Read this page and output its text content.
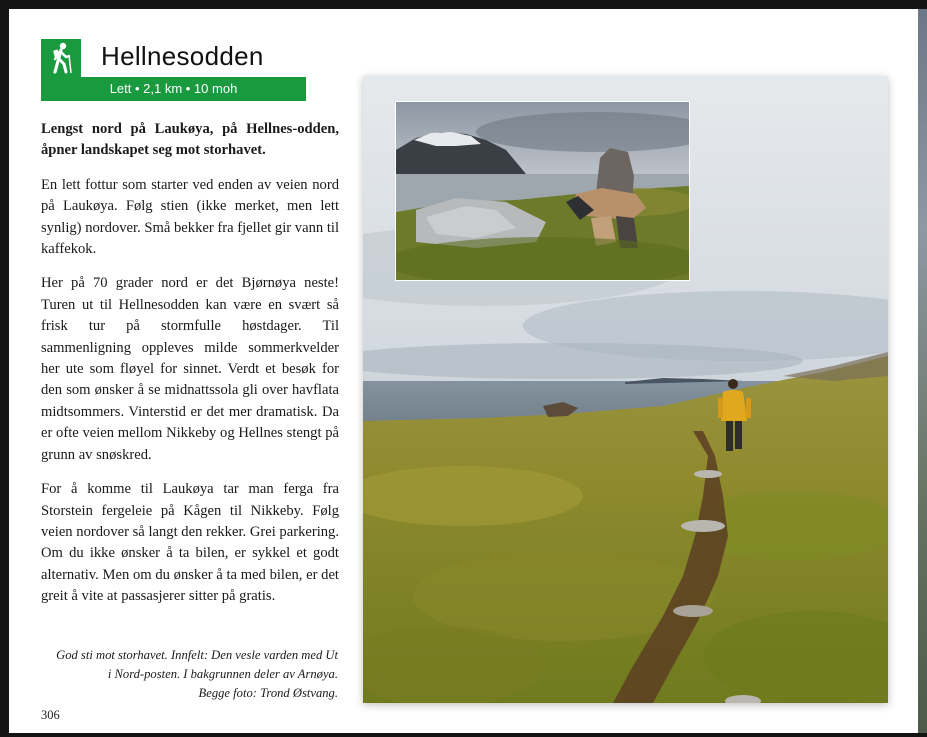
Hellnesodden
Lett • 2,1 km • 10 moh

Lengst nord på Laukøya, på Hellnes-odden, åpner landskapet seg mot storhavet.

En lett fottur som starter ved enden av veien nord på Laukøya. Følg stien (ikke merket, men lett synlig) nordover. Små bekker fra fjellet gir vann til kaffekok.

Her på 70 grader nord er det Bjørnøya neste! Turen ut til Hellnesodden kan være en svært så frisk tur på stormfulle høstdager. Til sammenligning oppleves milde sommerkvelder her ute som fløyel for sinnet. Verdt et besøk for den som ønsker å se midnattssola gli over havflata midtsommers. Vinterstid er det mer dramatisk. Da er ofte veien mellom Nikkeby og Hellnes stengt på grunn av snøskred.

For å komme til Laukøya tar man ferga fra Storstein fergeleie på Kågen til Nikkeby. Følg veien nordover så langt den rekker. Grei parkering. Om du ikke ønsker å ta bilen, er sykkel et godt alternativ. Men om du ønsker å ta med bilen, er det greit å vite at passasjerer sitter på gratis.

God sti mot storhavet. Innfelt: Den vesle varden med Ut
i Nord-posten. I bakgrunnen deler av Arnøya.
Begge foto: Trond Østvang.
306
